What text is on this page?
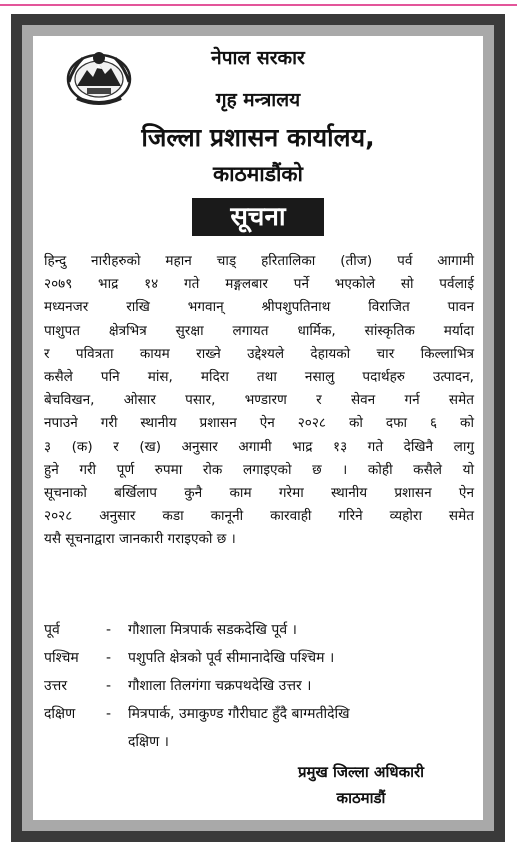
नेपाल सरकार
गृह मन्त्रालय
जिल्ला प्रशासन कार्यालय,
काठमाडौंको
सूचना
हिन्दु नारीहरुको महान चाड् हरितालिका (तीज) पर्व आगामी
२०७९ भाद्र १४ गते मङ्गलबार पर्ने भएकोले सो पर्वलाई
मध्यनजर राखि भगवान् श्रीपशुपतिनाथ विराजित पावन
पाशुपत क्षेत्रभित्र सुरक्षा लगायत धार्मिक, सांस्कृतिक मर्यादा
र पवित्रता कायम राख्ने उद्देश्यले देहायको चार किल्लाभित्र
कसैले पनि मांस, मदिरा तथा नसालु पदार्थहरु उत्पादन,
बेचविखन, ओसार पसार, भण्डारण र सेवन गर्न समेत
नपाउने गरी स्थानीय प्रशासन ऐन २०२८ को दफा ६ को
३ (क) र (ख) अनुसार अगामी भाद्र १३ गते देखिनै लागु
हुने गरी पूर्ण रुपमा रोक लगाइएको छ । कोही कसैले यो
सूचनाको बर्खिलाप कुनै काम गरेमा स्थानीय प्रशासन ऐन
२०२८ अनुसार कडा कानूनी कारवाही गरिने व्यहोरा समेत
यसै सूचनाद्वारा जानकारी गराइएको छ ।
पूर्व	- गौशाला मित्रपार्क सडकदेखि पूर्व ।
पश्चिम - पशुपति क्षेत्रको पूर्व सीमानादेखि पश्चिम ।
उत्तर	- गौशाला तिलगंगा चक्रपथदेखि उत्तर ।
दक्षिण - मित्रपार्क, उमाकुण्ड गौरीघाट हुँदै बाग्मतीदेखि
दक्षिण ।
प्रमुख जिल्ला अधिकारी
काठमाडौं
